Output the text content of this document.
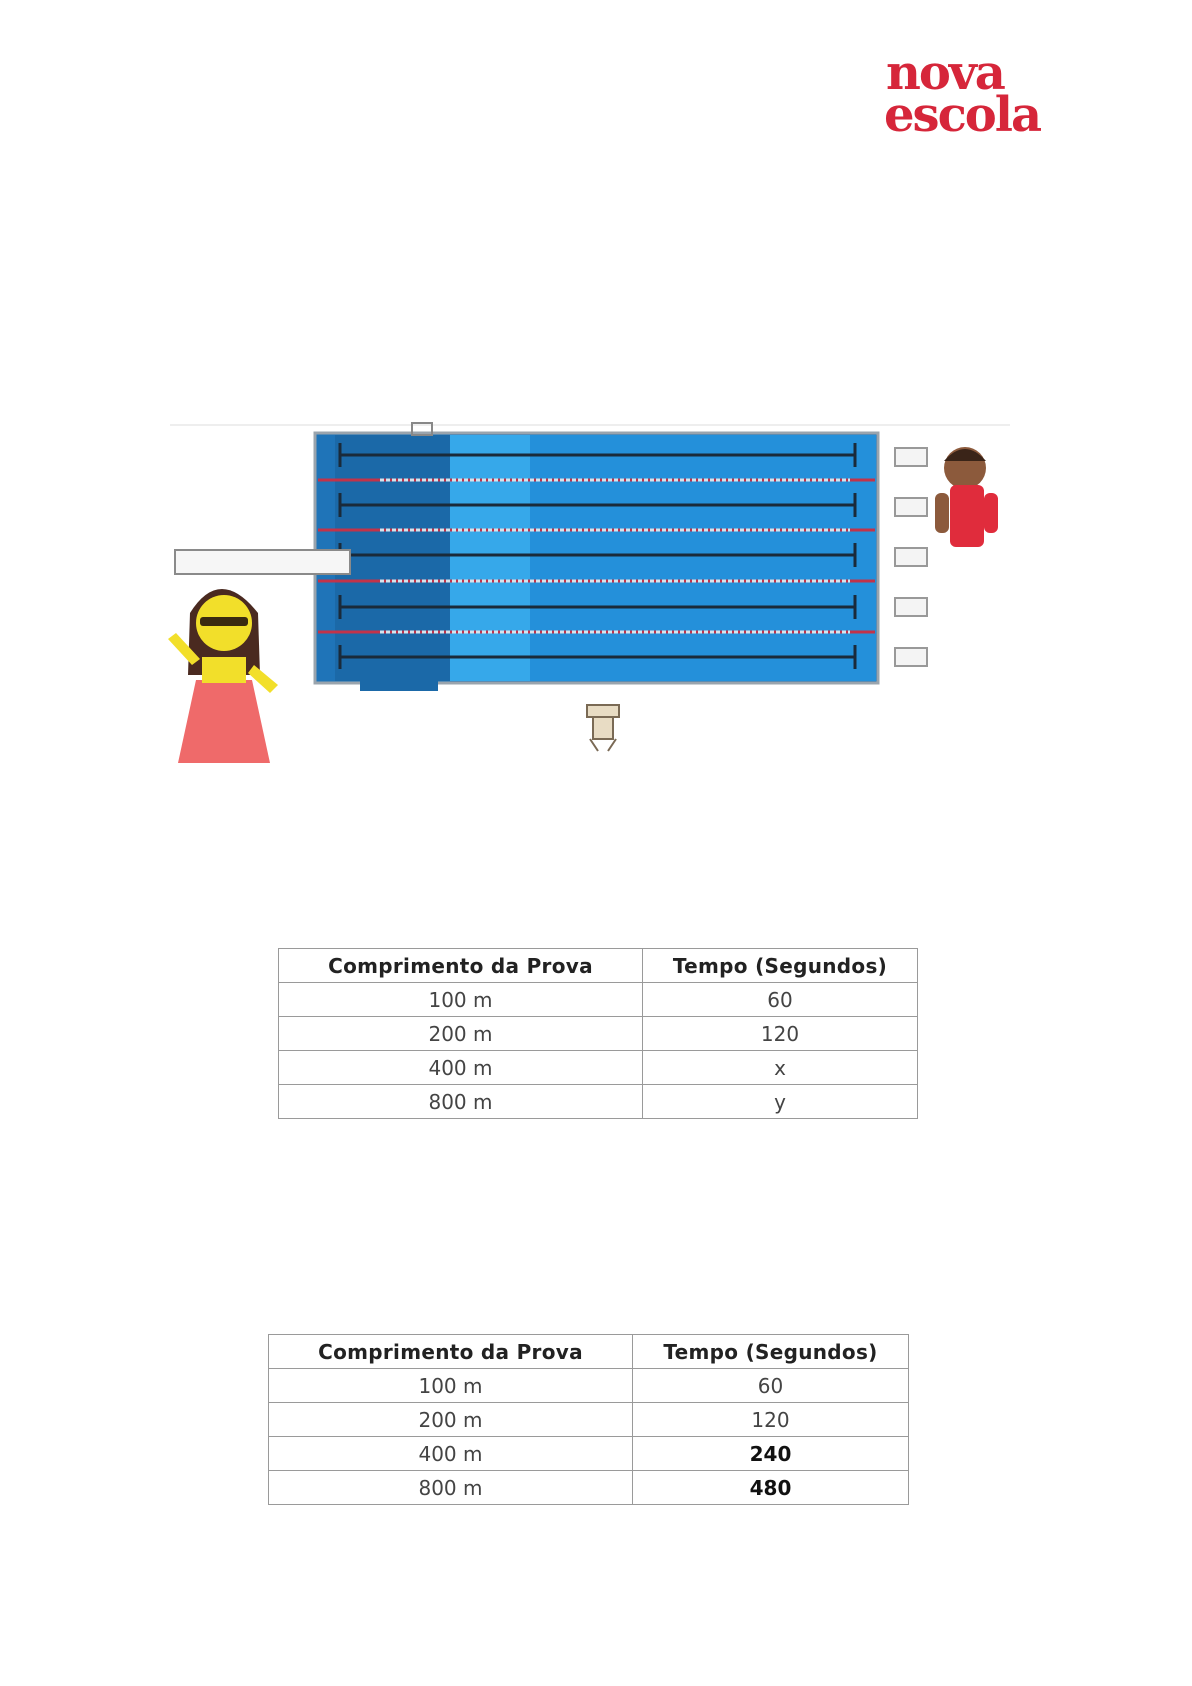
nova
escola
Comprimento da Prova	Tempo (Segundos)
100 m	60
200 m	120
400 m	x
800 m	y
Comprimento da Prova	Tempo (Segundos)
100 m	60
200 m	120
400 m	240
800 m	480
